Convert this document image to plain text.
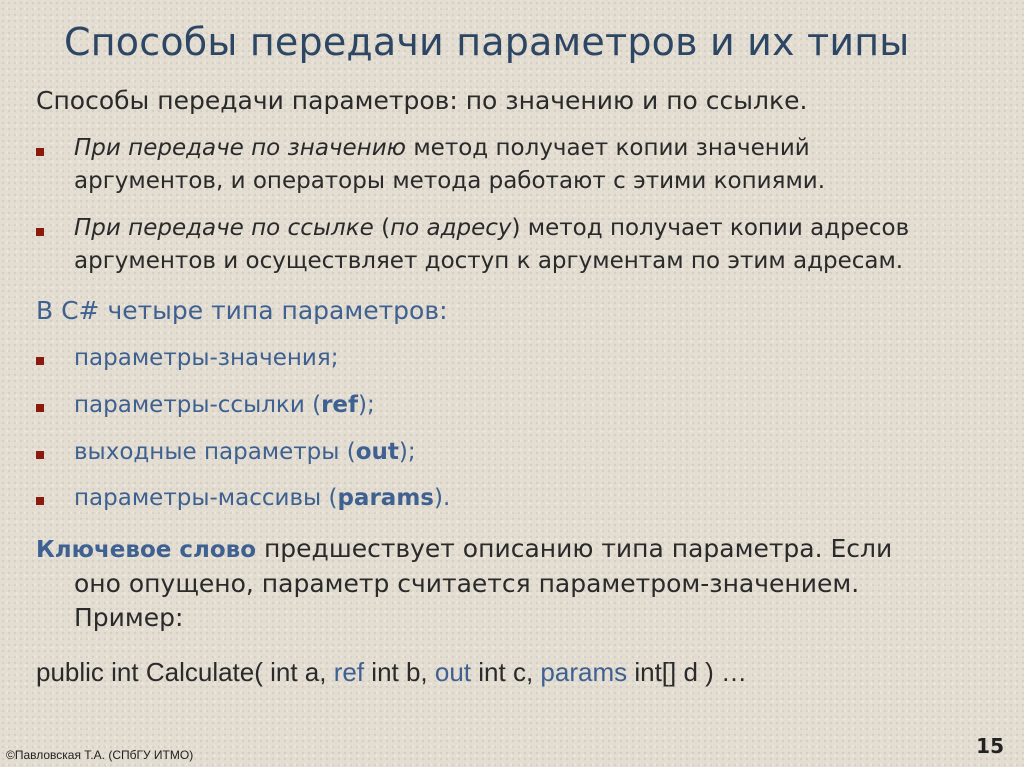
Способы передачи параметров и их типы
Способы передачи параметров: по значению и по ссылке.
При передаче по значению метод получает копии значений
аргументов, и операторы метода работают с этими копиями.
При передаче по ссылке (по адресу) метод получает копии адресов
аргументов и осуществляет доступ к аргументам по этим адресам.
В C# четыре типа параметров:
параметры-значения;
параметры-ссылки (ref);
выходные параметры (out);
параметры-массивы (params).
Ключевое слово предшествует описанию типа параметра. Если
оно опущено, параметр считается параметром-значением.
Пример:
public int Calculate( int a, ref int b, out int c, params int[] d ) …
©Павловская Т.А. (СПбГУ ИТМО)	15
